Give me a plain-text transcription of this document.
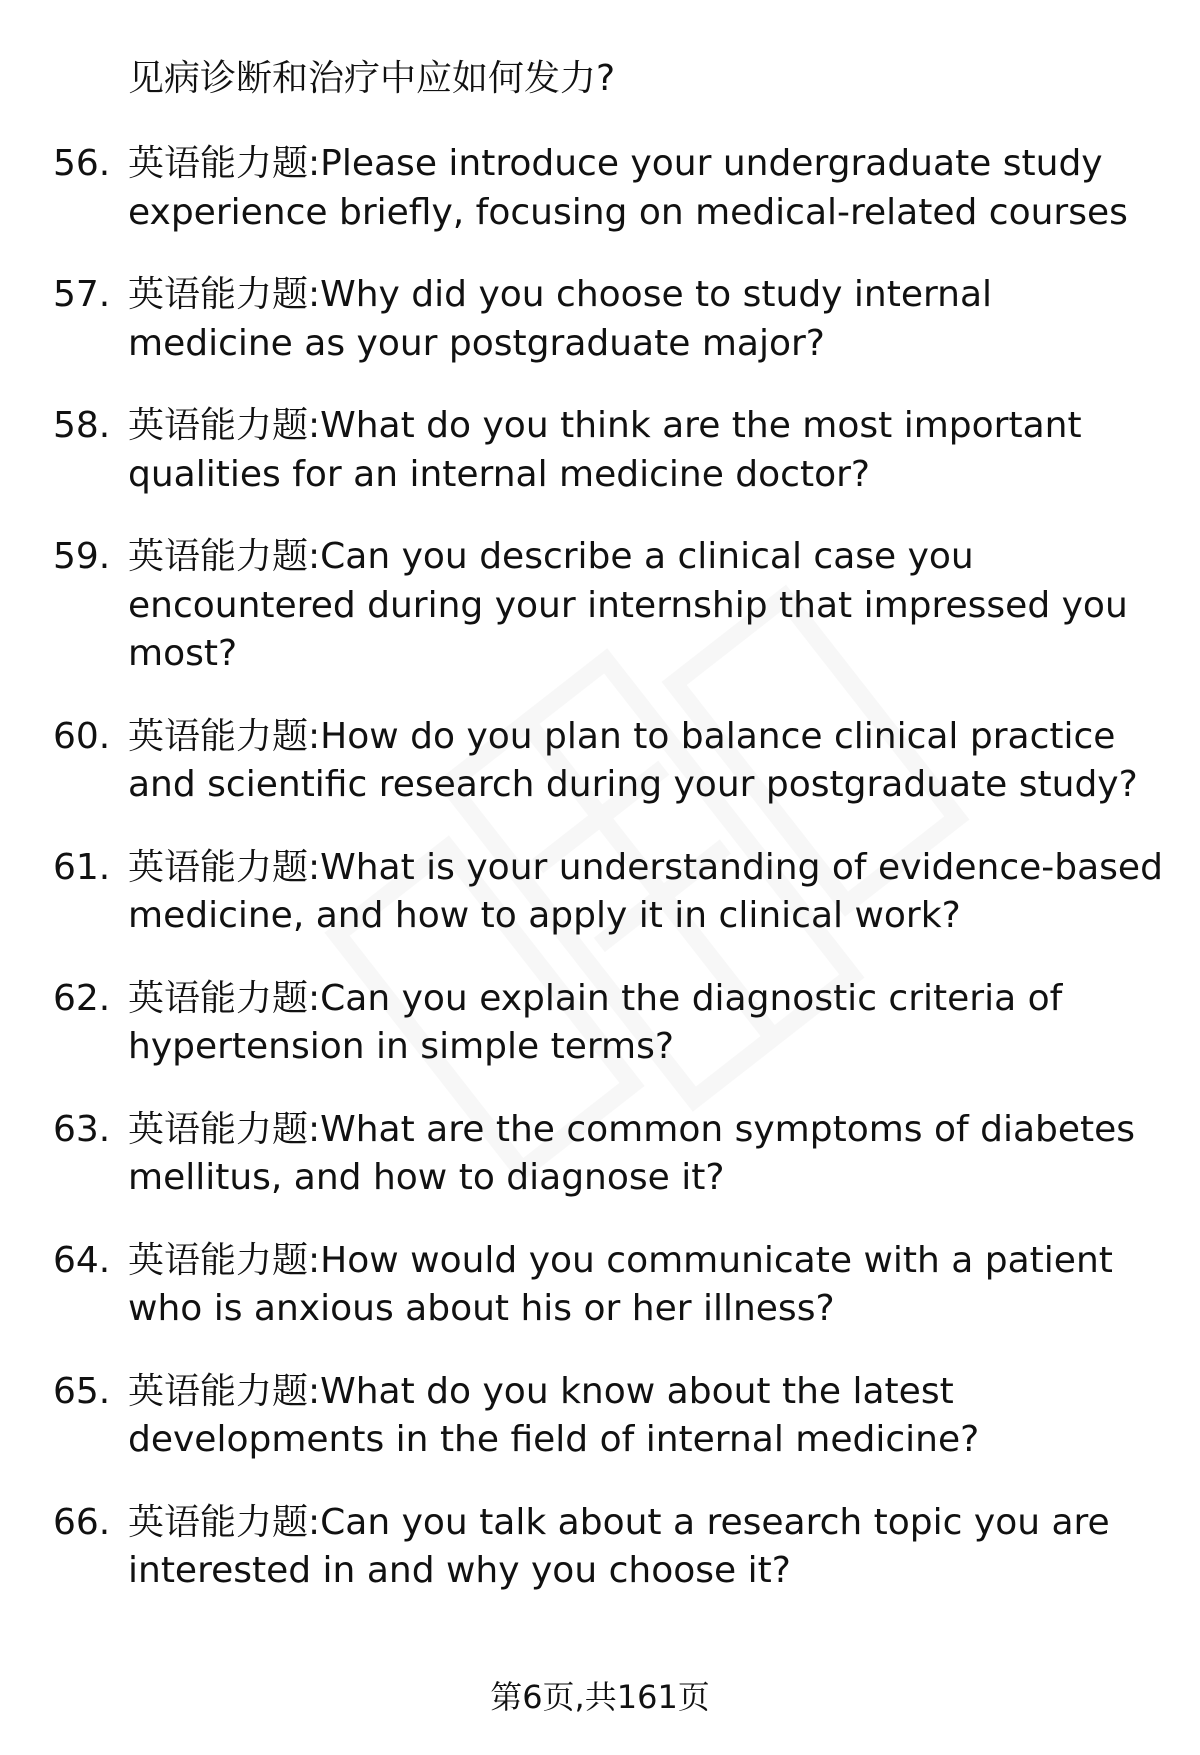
见病诊断和治疗中应如何发力?
56. 英语能力题:Please introduce your undergraduate study experience briefly, focusing on medical-related courses
57. 英语能力题:Why did you choose to study internal medicine as your postgraduate major?
58. 英语能力题:What do you think are the most important qualities for an internal medicine doctor?
59. 英语能力题:Can you describe a clinical case you encountered during your internship that impressed you most?
60. 英语能力题:How do you plan to balance clinical practice and scientific research during your postgraduate study?
61. 英语能力题:What is your understanding of evidence-based medicine, and how to apply it in clinical work?
62. 英语能力题:Can you explain the diagnostic criteria of hypertension in simple terms?
63. 英语能力题:What are the common symptoms of diabetes mellitus, and how to diagnose it?
64. 英语能力题:How would you communicate with a patient who is anxious about his or her illness?
65. 英语能力题:What do you know about the latest developments in the field of internal medicine?
66. 英语能力题:Can you talk about a research topic you are interested in and why you choose it?
第6页,共161页
